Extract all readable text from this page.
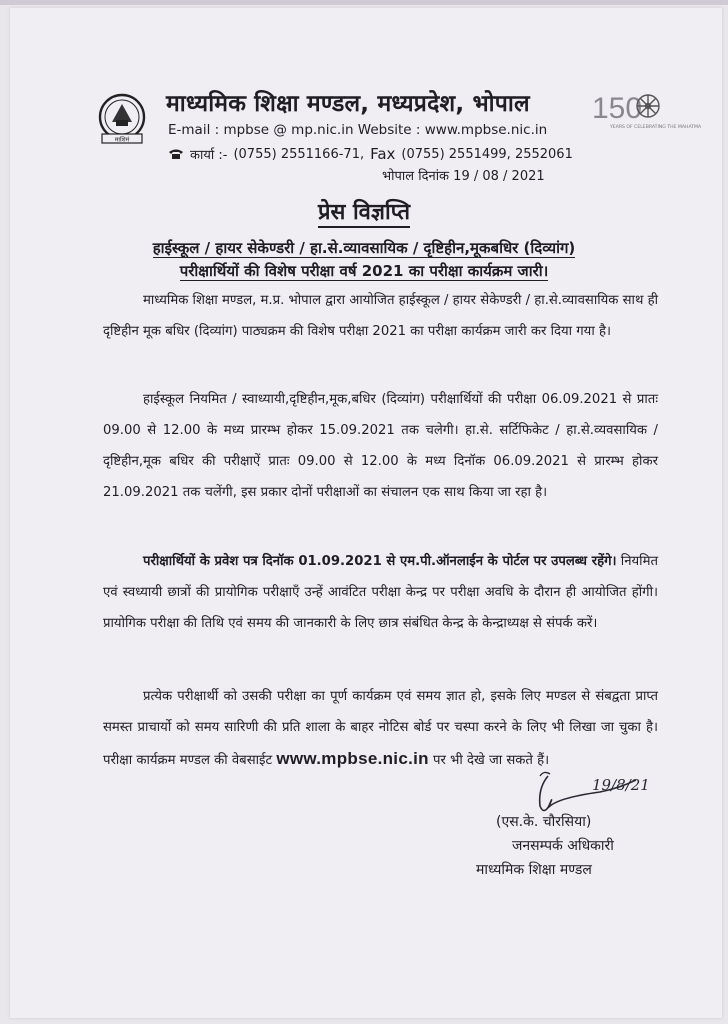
माशिमं
150
YEARS OF CELEBRATING THE MAHATMA
माध्यमिक शिक्षा मण्डल, मध्यप्रदेश, भोपाल
E-mail : mpbse @ mp.nic.in Website : www.mpbse.nic.in
कार्या :- (0755) 2551166-71, Fax (0755) 2551499, 2552061
भोपाल दिनांक 19 / 08 / 2021
प्रेस विज्ञप्ति
हाईस्कूल / हायर सेकेण्डरी / हा.से.व्यावसायिक / दृष्टिहीन,मूकबधिर (दिव्यांग)
परीक्षार्थियों की विशेष परीक्षा वर्ष 2021 का परीक्षा कार्यक्रम जारी।
माध्यमिक शिक्षा मण्डल, म.प्र. भोपाल द्वारा आयोजित हाईस्कूल / हायर सेकेण्डरी / हा.से.व्यावसायिक साथ ही दृष्टिहीन मूक बधिर (दिव्यांग) पाठ्यक्रम की विशेष परीक्षा 2021 का परीक्षा कार्यक्रम जारी कर दिया गया है।
हाईस्कूल नियमित / स्वाध्यायी,दृष्टिहीन,मूक,बधिर (दिव्यांग) परीक्षार्थियों की परीक्षा 06.09.2021 से प्रातः 09.00 से 12.00 के मध्य प्रारम्भ होकर 15.09.2021 तक चलेगी। हा.से. सर्टिफिकेट / हा.से.व्यवसायिक / दृष्टिहीन,मूक बधिर की परीक्षाऐं प्रातः 09.00 से 12.00 के मध्य दिनॉक 06.09.2021 से प्रारम्भ होकर 21.09.2021 तक चलेंगी, इस प्रकार दोनों परीक्षाओं का संचालन एक साथ किया जा रहा है।
परीक्षार्थियों के प्रवेश पत्र दिनॉक 01.09.2021 से एम.पी.ऑनलाईन के पोर्टल पर उपलब्ध रहेंगे। नियमित एवं स्वध्यायी छात्रों की प्रायोगिक परीक्षाएँ उन्हें आवंटित परीक्षा केन्द्र पर परीक्षा अवधि के दौरान ही आयोजित होंगी। प्रायोगिक परीक्षा की तिथि एवं समय की जानकारी के लिए छात्र संबंधित केन्द्र के केन्द्राध्यक्ष से संपर्क करें।
प्रत्येक परीक्षार्थी को उसकी परीक्षा का पूर्ण कार्यक्रम एवं समय ज्ञात हो, इसके लिए मण्डल से संबद्वता प्राप्त समस्त प्राचार्यो को समय सारिणी की प्रति शाला के बाहर नोटिस बोर्ड पर चस्पा करने के लिए भी लिखा जा चुका है। परीक्षा कार्यक्रम मण्डल की वेबसाईट www.mpbse.nic.in पर भी देखे जा सकते हैं।
19/8/21
(एस.के. चौरसिया)
जनसम्पर्क अधिकारी
माध्यमिक शिक्षा मण्डल
